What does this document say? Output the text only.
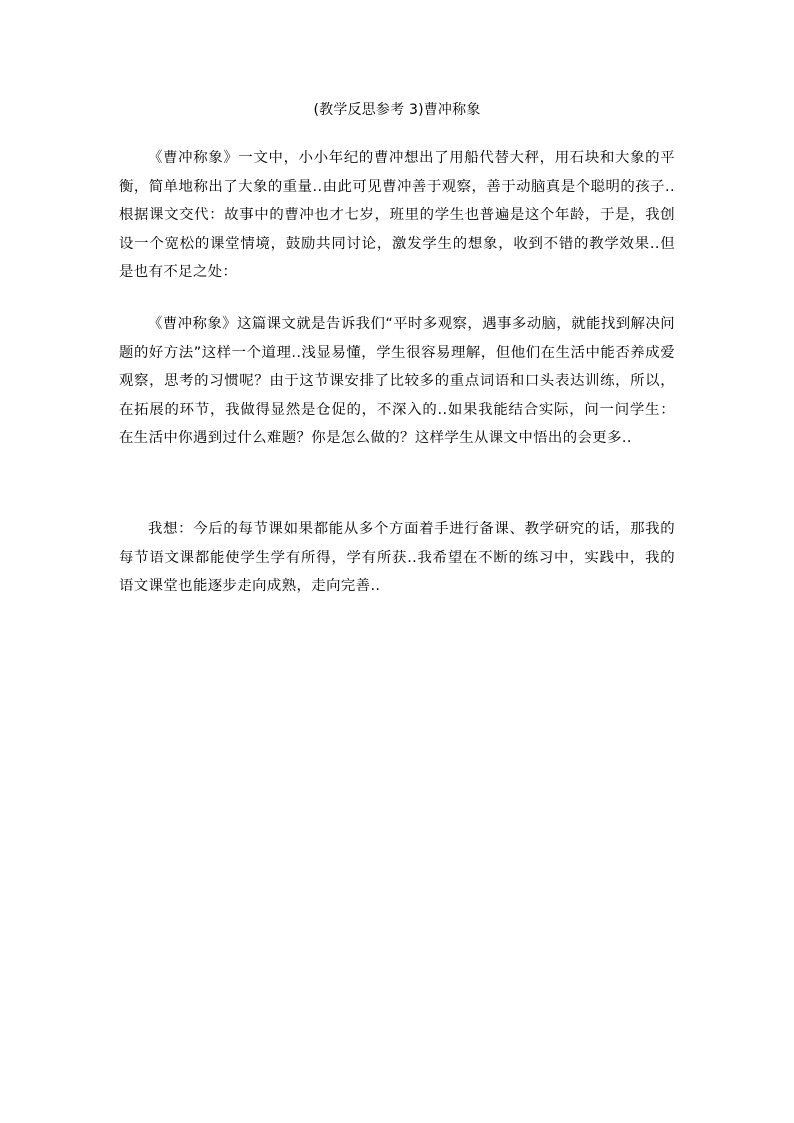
(教学反思参考 3)曹冲称象

《曹冲称象》一文中，小小年纪的曹冲想出了用船代替大秤，用石块和大象的平衡，简单地称出了大象的重量..由此可见曹冲善于观察，善于动脑真是个聪明的孩子..根据课文交代：故事中的曹冲也才七岁，班里的学生也普遍是这个年龄，于是，我创设一个宽松的课堂情境，鼓励共同讨论，激发学生的想象，收到不错的教学效果..但是也有不足之处：

《曹冲称象》这篇课文就是告诉我们“平时多观察，遇事多动脑，就能找到解决问题的好方法”这样一个道理..浅显易懂，学生很容易理解，但他们在生活中能否养成爱观察，思考的习惯呢？由于这节课安排了比较多的重点词语和口头表达训练，所以，在拓展的环节，我做得显然是仓促的，不深入的..如果我能结合实际，问一问学生：在生活中你遇到过什么难题？你是怎么做的？这样学生从课文中悟出的会更多..

我想：今后的每节课如果都能从多个方面着手进行备课、教学研究的话，那我的每节语文课都能使学生学有所得，学有所获..我希望在不断的练习中，实践中，我的语文课堂也能逐步走向成熟，走向完善..
